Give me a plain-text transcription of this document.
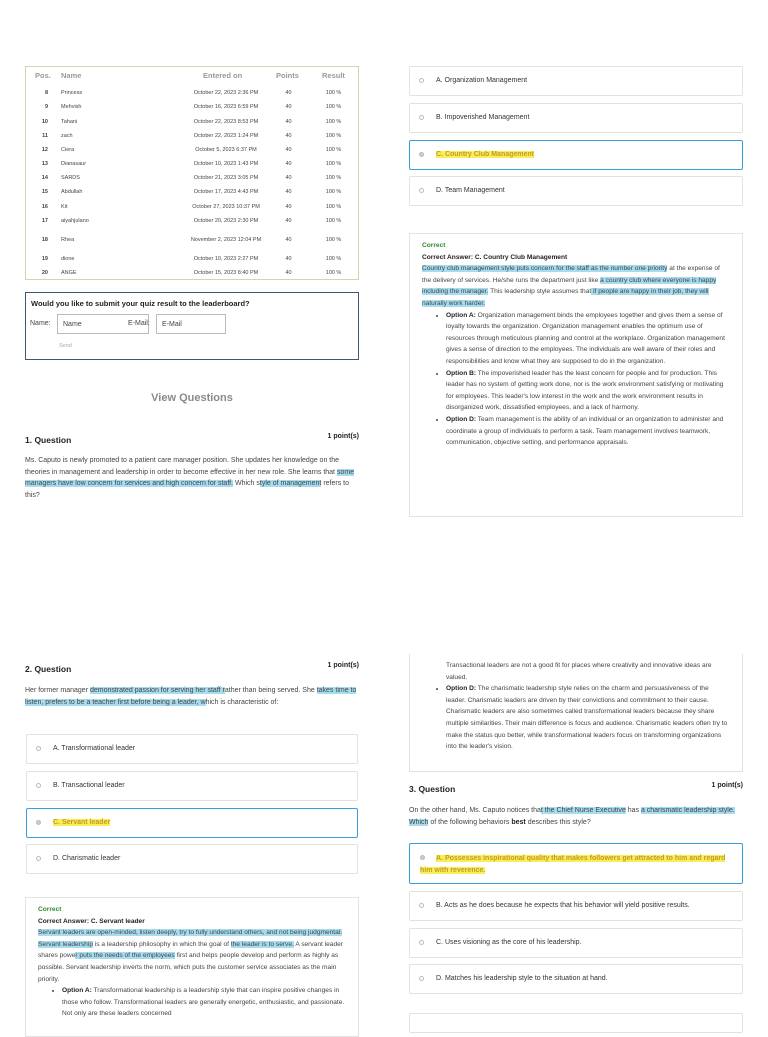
Pos. Name	Entered on	Points	Result
8 Princess	October 22, 2023 2:36 PM	40	100 %
9 Mehvish	October 16, 2023 6:59 PM	40	100 %
10 Tahani	October 22, 2023 8:53 PM	40	100 %
11 zach	October 22, 2023 1:24 PM	40	100 %
12 Ciera	October 5, 2023 6:37 PM	40	100 %
13 Dianasaur	October 10, 2023 1:43 PM	40	100 %
14 SARDS	October 21, 2023 3:05 PM	40	100 %
15 Abdullah	October 17, 2023 4:43 PM	40	100 %
16 Kit	October 27, 2023 10:37 PM	40	100 %
17 aiyahjulano	October 20, 2023 2:30 PM	40	100 %
18 Rhea	November 2, 2023 12:04 PM	40	100 %
19 dione	October 10, 2023 2:27 PM	40	100 %
20 ANGE	October 15, 2023 8:40 PM	40	100 %
Would you like to submit your quiz result to the leaderboard?
Name:	Name	E-Mail:	E-Mail
Send
View Questions
1. Question	1 point(s)
Ms. Caputo is newly promoted to a patient care manager position. She updates her knowledge on the theories in management and leadership in order to become effective in her new role. She learns that some managers have low concern for services and high concern for staff. Which style of management refers to this?
A. Organization Management
B. Impoverished Management
C. Country Club Management
D. Team Management
Correct
Correct Answer: C. Country Club Management
Country club management style puts concern for the staff as the number one priority at the expense of the delivery of services. He/she runs the department just like a country club where everyone is happy including the manager. This leadership style assumes that if people are happy in their job, they will naturally work harder.
• Option A: Organization management binds the employees together and gives them a sense of loyalty towards the organization. Organization management enables the optimum use of resources through meticulous planning and control at the workplace. Organization management gives a sense of direction to the employees. The individuals are well aware of their roles and responsibilities and know what they are supposed to do in the organization.
• Option B: The impoverished leader has the least concern for people and for production. This leader has no system of getting work done, nor is the work environment satisfying or motivating for employees. This leader's low interest in the work and the work environment results in disorganized work, dissatisfied employees, and a lack of harmony.
• Option D: Team management is the ability of an individual or an organization to administer and coordinate a group of individuals to perform a task. Team management involves teamwork, communication, objective setting, and performance appraisals.
2. Question	1 point(s)
Her former manager demonstrated passion for serving her staff rather than being served. She takes time to listen, prefers to be a teacher first before being a leader, which is characteristic of:
A. Transformational leader
B. Transactional leader
C. Servant leader
D. Charismatic leader
Correct
Correct Answer: C. Servant leader
Servant leaders are open-minded, listen deeply, try to fully understand others, and not being judgmental. Servant leadership is a leadership philosophy in which the goal of the leader is to serve. A servant leader shares power puts the needs of the employees first and helps people develop and perform as highly as possible. Servant leadership inverts the norm, which puts the customer service associates as the main priority.
• Option A: Transformational leadership is a leadership style that can inspire positive changes in those who follow. Transformational leaders are generally energetic, enthusiastic, and passionate. Not only are these leaders concerned
Transactional leaders are not a good fit for places where creativity and innovative ideas are valued.
• Option D: The charismatic leadership style relies on the charm and persuasiveness of the leader. Charismatic leaders are driven by their convictions and commitment to their cause. Charismatic leaders are also sometimes called transformational leaders because they share multiple similarities. Their main difference is focus and audience. Charismatic leaders often try to make the status quo better, while transformational leaders focus on transforming organizations into the leader's vision.
3. Question	1 point(s)
On the other hand, Ms. Caputo notices that the Chief Nurse Executive has a charismatic leadership style. Which of the following behaviors best describes this style?
A. Possesses inspirational quality that makes followers get attracted to him and regard him with reverence.
B. Acts as he does because he expects that his behavior will yield positive results.
C. Uses visioning as the core of his leadership.
D. Matches his leadership style to the situation at hand.
